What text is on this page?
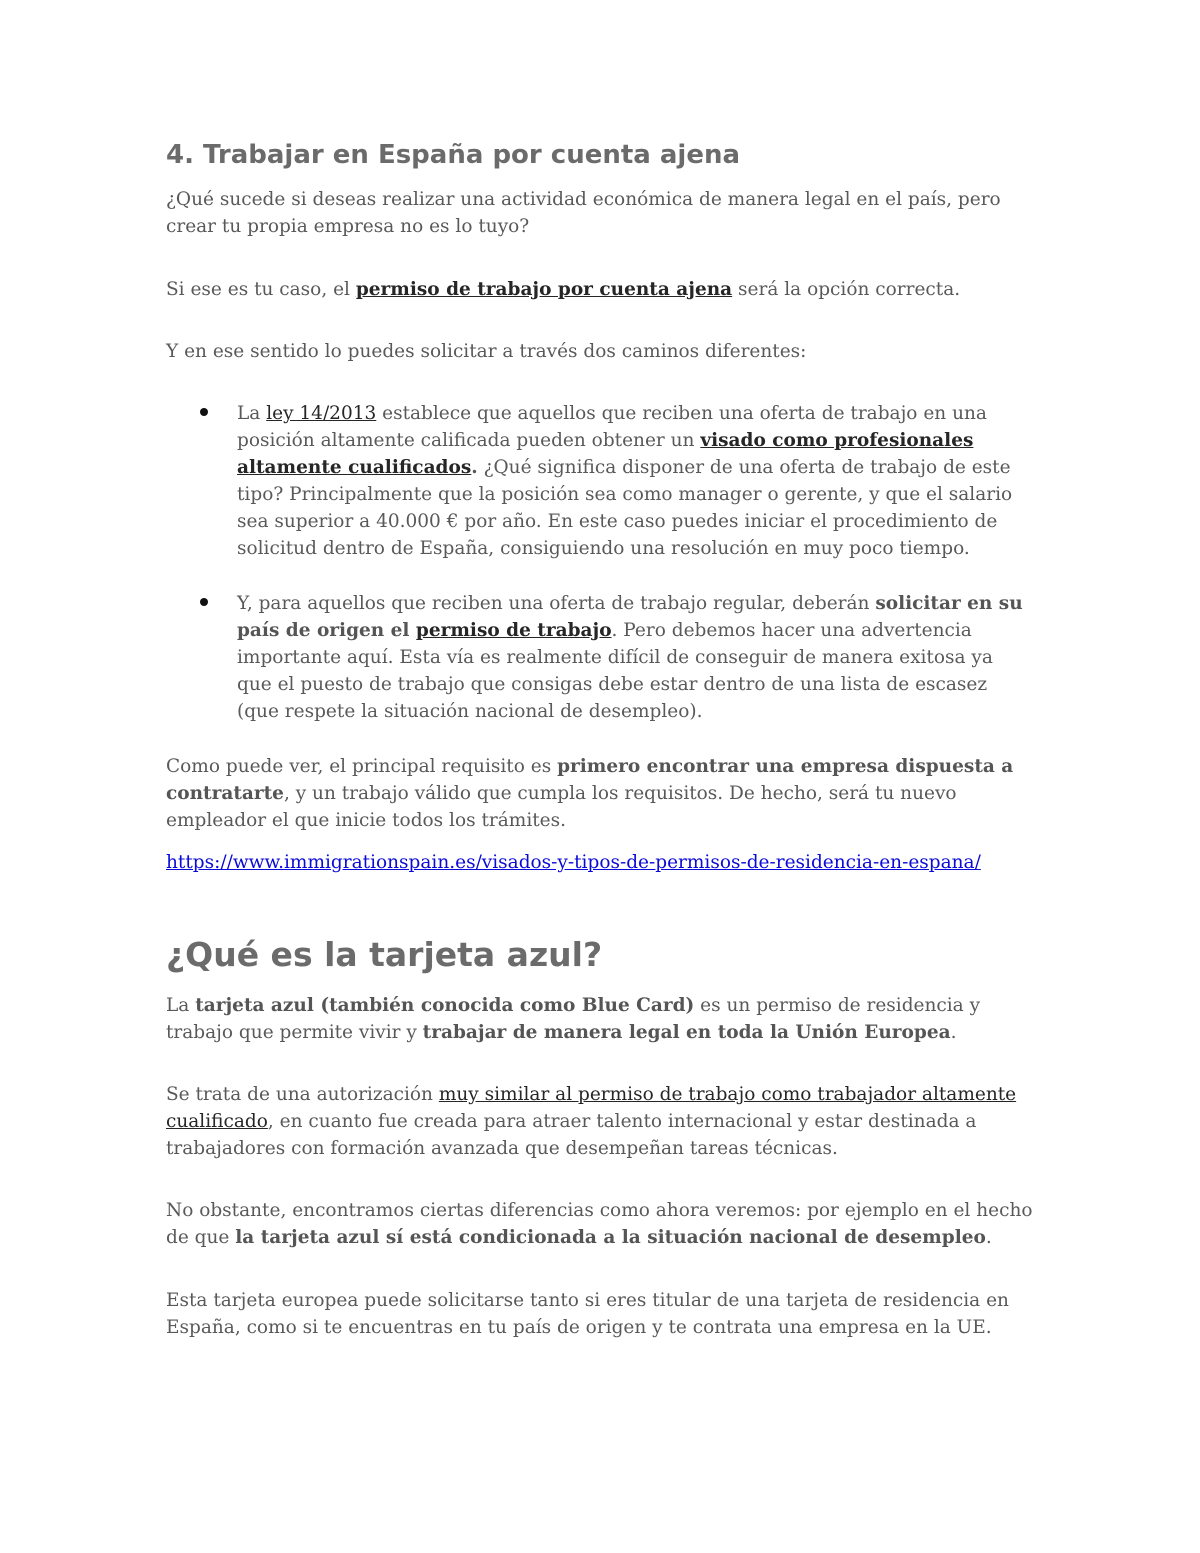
4. Trabajar en España por cuenta ajena

¿Qué sucede si deseas realizar una actividad económica de manera legal en el país, pero crear tu propia empresa no es lo tuyo?

Si ese es tu caso, el permiso de trabajo por cuenta ajena será la opción correcta.

Y en ese sentido lo puedes solicitar a través dos caminos diferentes:

La ley 14/2013 establece que aquellos que reciben una oferta de trabajo en una posición altamente calificada pueden obtener un visado como profesionales altamente cualificados. ¿Qué significa disponer de una oferta de trabajo de este tipo? Principalmente que la posición sea como manager o gerente, y que el salario sea superior a 40.000 € por año. En este caso puedes iniciar el procedimiento de solicitud dentro de España, consiguiendo una resolución en muy poco tiempo.

Y, para aquellos que reciben una oferta de trabajo regular, deberán solicitar en su país de origen el permiso de trabajo. Pero debemos hacer una advertencia importante aquí. Esta vía es realmente difícil de conseguir de manera exitosa ya que el puesto de trabajo que consigas debe estar dentro de una lista de escasez (que respete la situación nacional de desempleo).

Como puede ver, el principal requisito es primero encontrar una empresa dispuesta a contratarte, y un trabajo válido que cumpla los requisitos. De hecho, será tu nuevo empleador el que inicie todos los trámites.

https://www.immigrationspain.es/visados-y-tipos-de-permisos-de-residencia-en-espana/

¿Qué es la tarjeta azul?

La tarjeta azul (también conocida como Blue Card) es un permiso de residencia y trabajo que permite vivir y trabajar de manera legal en toda la Unión Europea.

Se trata de una autorización muy similar al permiso de trabajo como trabajador altamente cualificado, en cuanto fue creada para atraer talento internacional y estar destinada a trabajadores con formación avanzada que desempeñan tareas técnicas.

No obstante, encontramos ciertas diferencias como ahora veremos: por ejemplo en el hecho de que la tarjeta azul sí está condicionada a la situación nacional de desempleo.

Esta tarjeta europea puede solicitarse tanto si eres titular de una tarjeta de residencia en España, como si te encuentras en tu país de origen y te contrata una empresa en la UE.
